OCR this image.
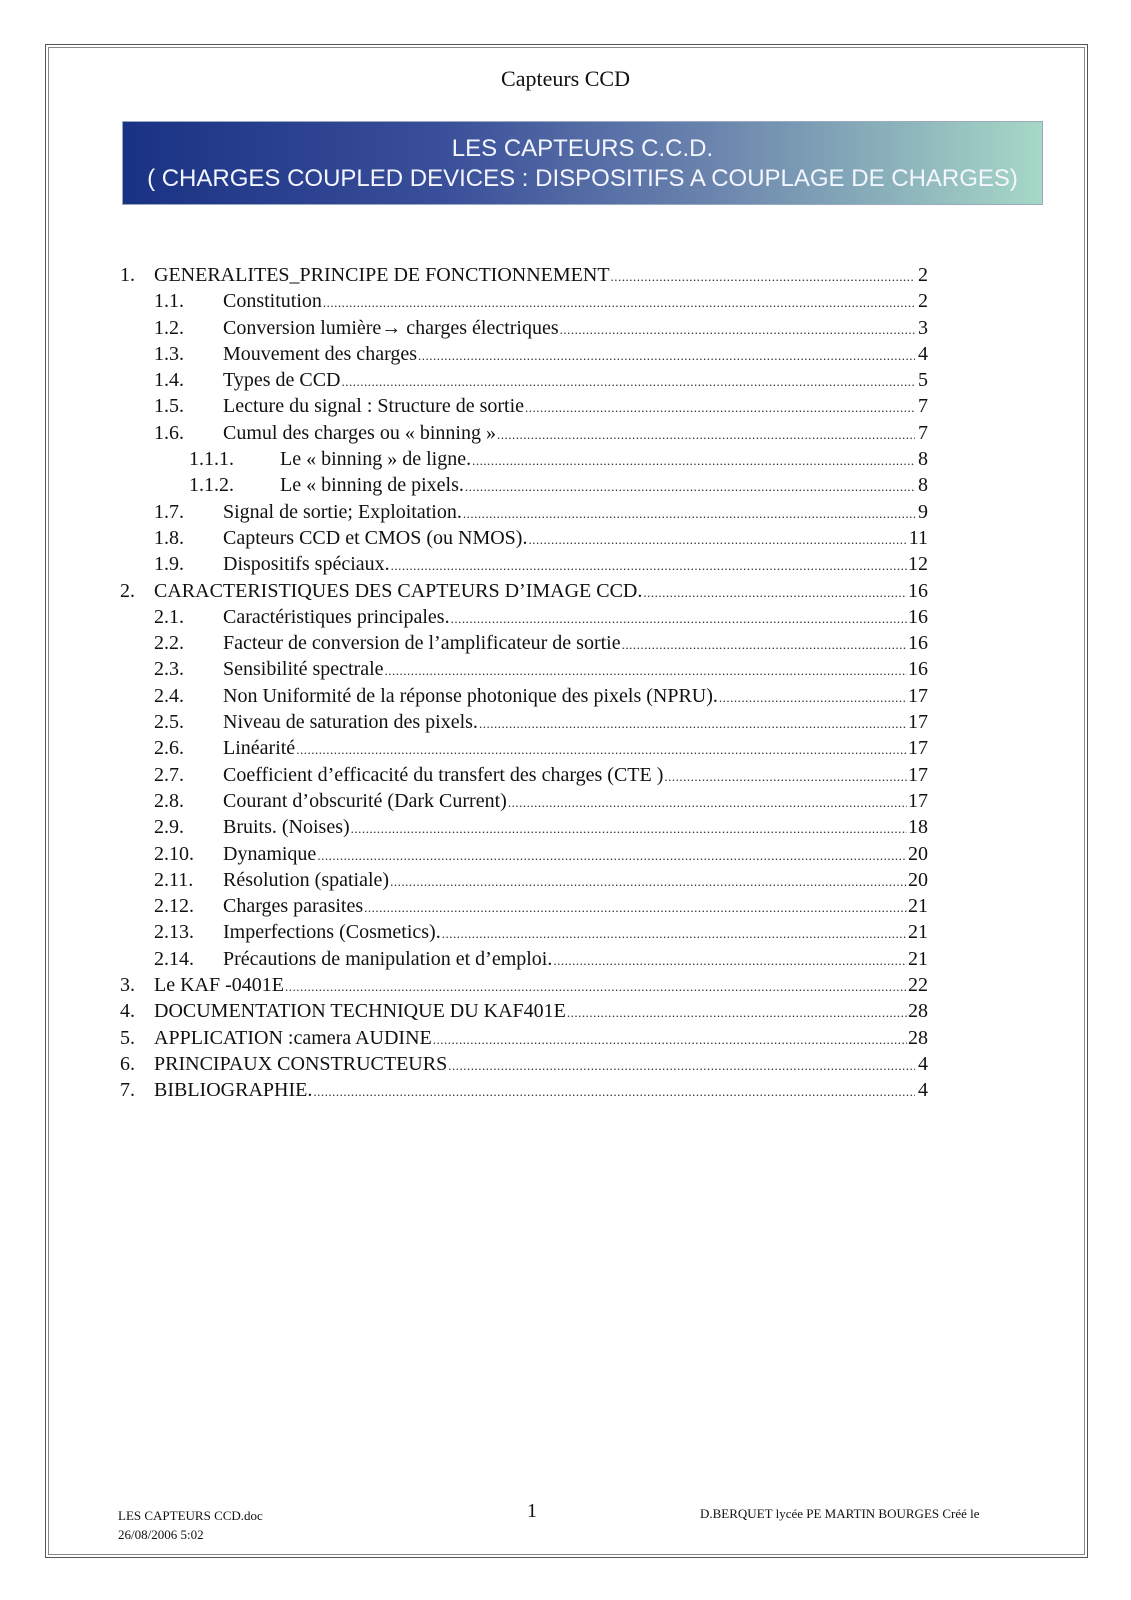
Capteurs CCD
LES CAPTEURS C.C.D.
( CHARGES COUPLED DEVICES : DISPOSITIFS A COUPLAGE DE CHARGES)
1. GENERALITES_PRINCIPE DE FONCTIONNEMENT .....	2
1.1. Constitution .....	2
1.2. Conversion lumière→ charges électriques .....	3
1.3. Mouvement des charges .....	4
1.4. Types de CCD .....	5
1.5. Lecture du signal : Structure de sortie .....	7
1.6. Cumul des charges ou « binning » .....	7
1.1.1. Le « binning » de ligne. .....	8
1.1.2. Le « binning de pixels. .....	8
1.7. Signal de sortie; Exploitation. .....	9
1.8. Capteurs CCD et CMOS (ou NMOS). .....	11
1.9. Dispositifs spéciaux. .....	12
2. CARACTERISTIQUES DES CAPTEURS D’IMAGE CCD. .....	16
2.1. Caractéristiques principales. .....	16
2.2. Facteur de conversion de l’amplificateur de sortie .....	16
2.3. Sensibilité spectrale .....	16
2.4. Non Uniformité de la réponse photonique des pixels (NPRU). .....	17
2.5. Niveau de saturation des pixels. .....	17
2.6. Linéarité .....	17
2.7. Coefficient d’efficacité du transfert des charges (CTE ) .....	17
2.8. Courant d’obscurité (Dark Current) .....	17
2.9. Bruits. (Noises) .....	18
2.10. Dynamique .....	20
2.11. Résolution (spatiale) .....	20
2.12. Charges parasites .....	21
2.13. Imperfections (Cosmetics). .....	21
2.14. Précautions de manipulation et d’emploi. .....	21
3. Le KAF -0401E .....	22
4. DOCUMENTATION TECHNIQUE DU KAF401E .....	28
5. APPLICATION :camera AUDINE .....	28
6. PRINCIPAUX CONSTRUCTEURS .....	4
7. BIBLIOGRAPHIE. .....	4
LES CAPTEURS CCD.doc
26/08/2006 5:02
1	D.BERQUET lycée PE MARTIN BOURGES Créé le
